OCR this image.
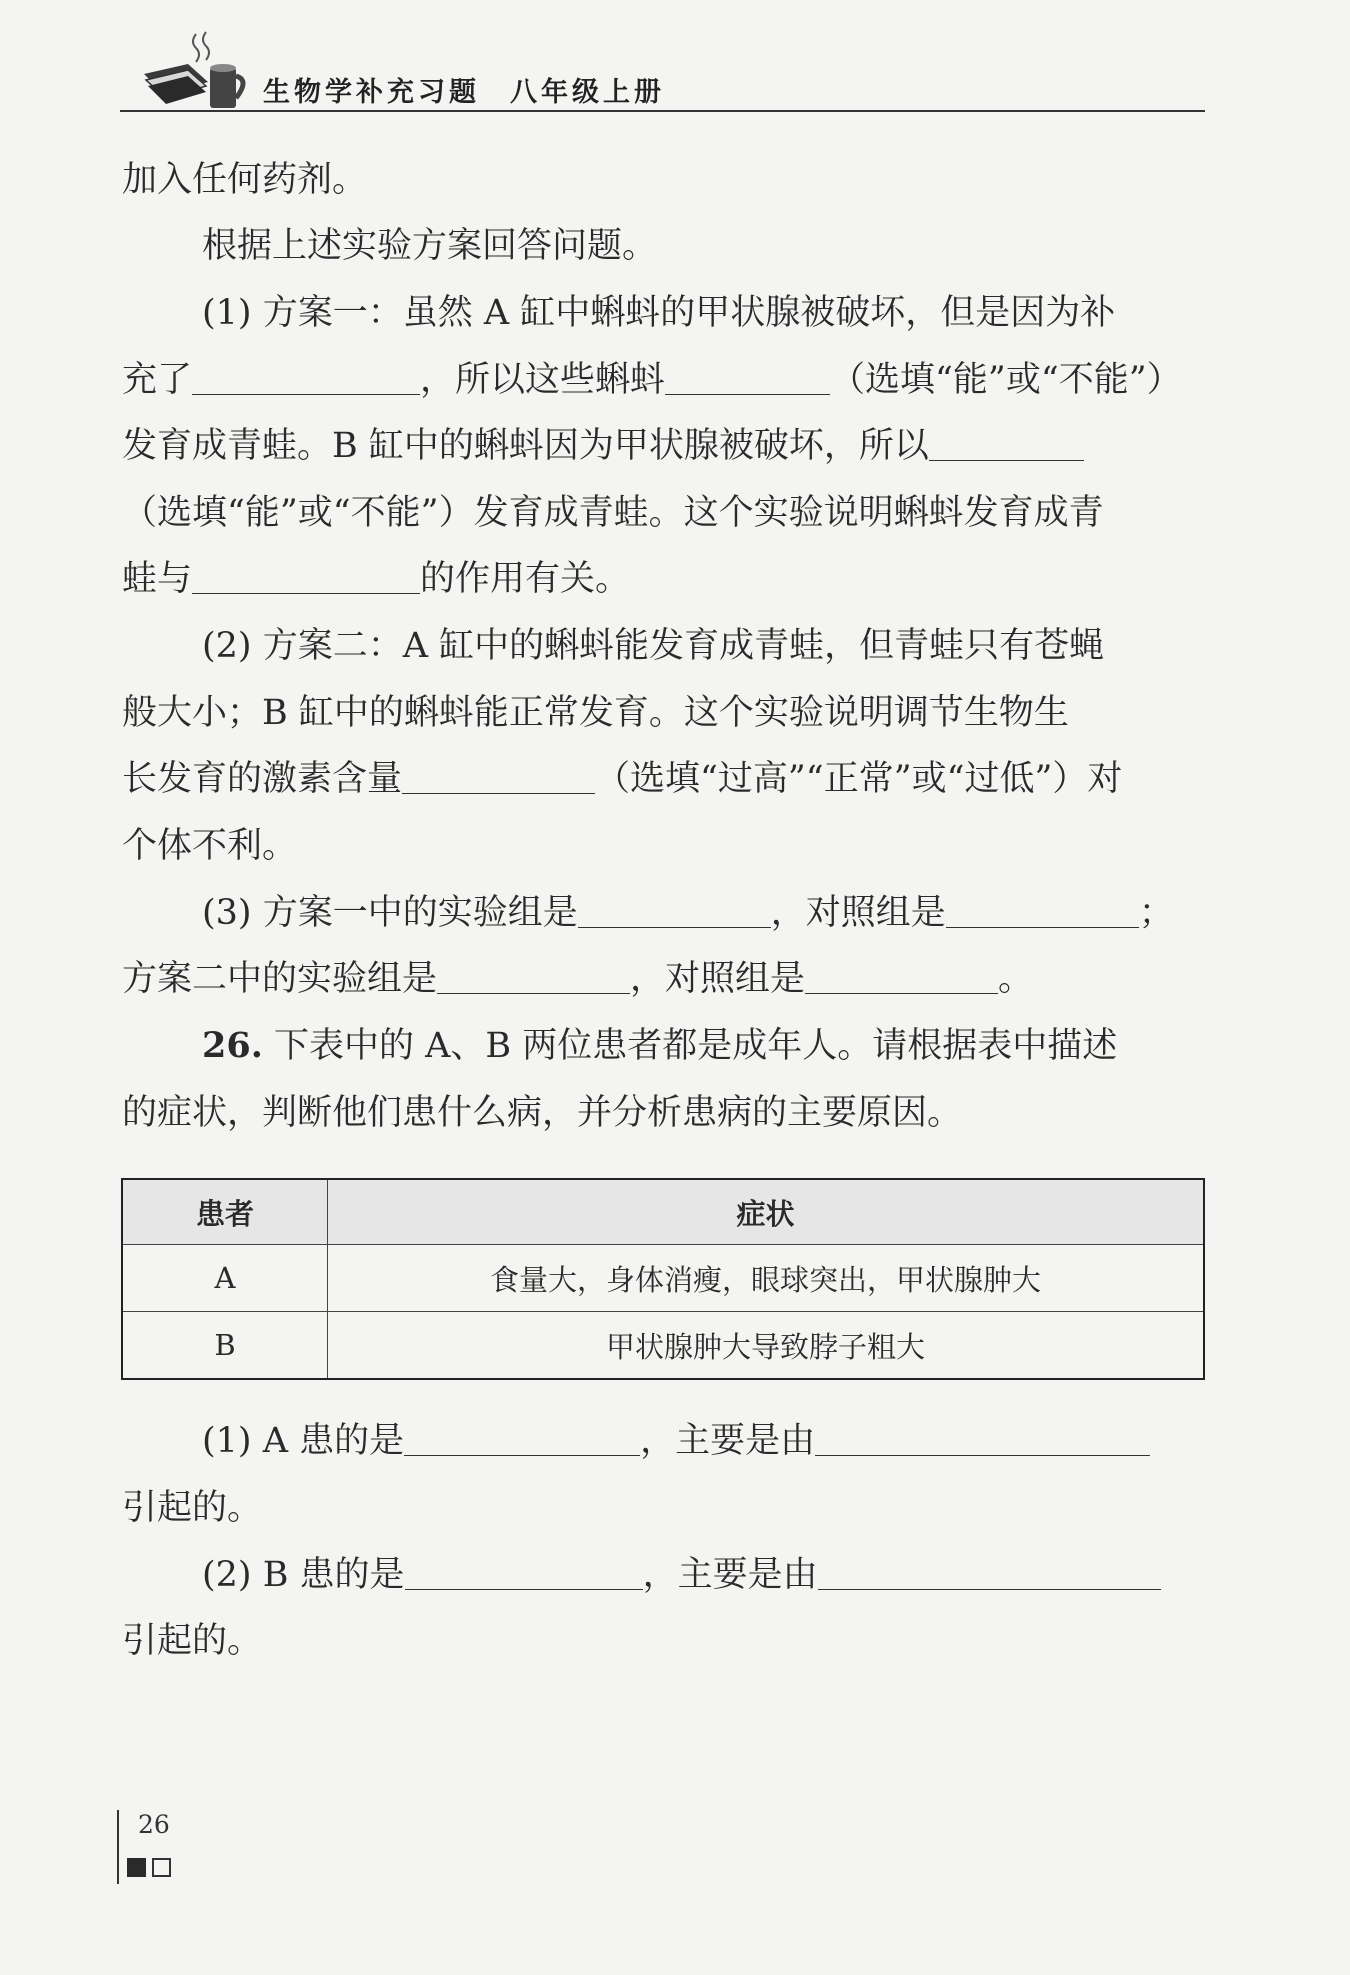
生物学补充习题 八年级上册
加入任何药剂。
根据上述实验方案回答问题。
(1) 方案一：虽然 A 缸中蝌蚪的甲状腺被破坏，但是因为补
充了	，所以这些蝌蚪	（选填“能”或“不能”）
发育成青蛙。B 缸中的蝌蚪因为甲状腺被破坏，所以
（选填“能”或“不能”）发育成青蛙。这个实验说明蝌蚪发育成青
蛙与	的作用有关。
(2) 方案二：A 缸中的蝌蚪能发育成青蛙，但青蛙只有苍蝇
般大小；B 缸中的蝌蚪能正常发育。这个实验说明调节生物生
长发育的激素含量	（选填“过高”“正常”或“过低”）对
个体不利。
(3) 方案一中的实验组是	，对照组是	；
方案二中的实验组是	，对照组是	。
26. 下表中的 A、B 两位患者都是成年人。请根据表中描述
的症状，判断他们患什么病，并分析患病的主要原因。
患者	症状
A	食量大，身体消瘦，眼球突出，甲状腺肿大
B	甲状腺肿大导致脖子粗大
(1) A 患的是	，主要是由
引起的。
(2) B 患的是	，主要是由
引起的。
26
